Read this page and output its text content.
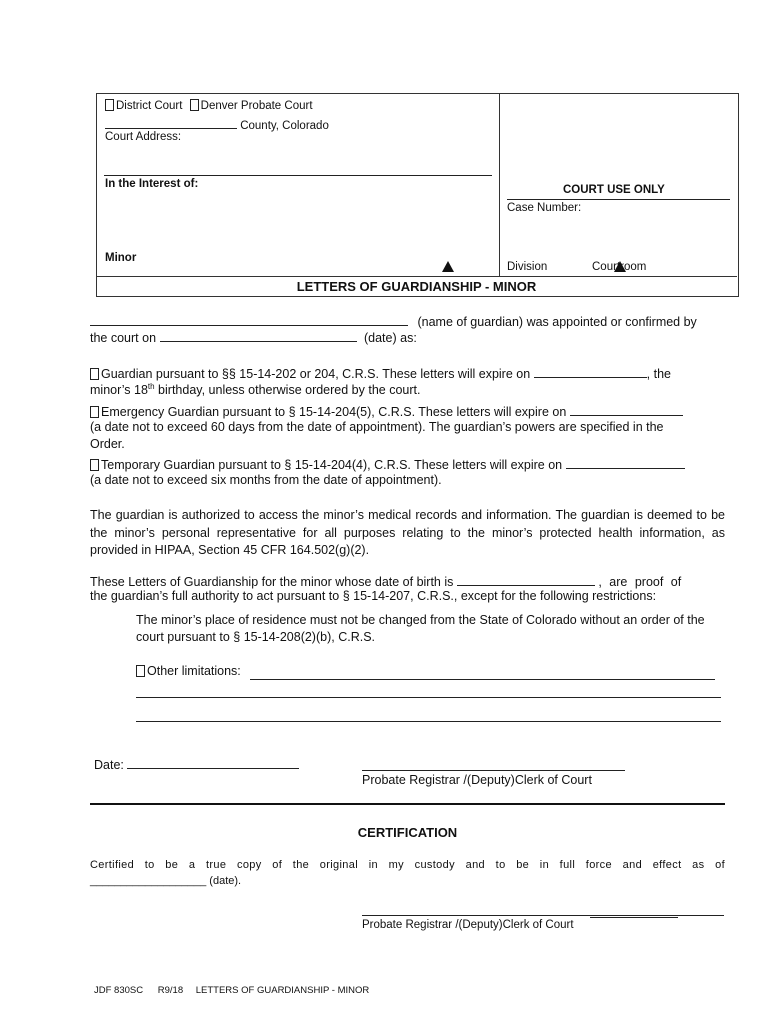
District Court Denver Probate Court
County, Colorado
Court Address:
In the Interest of:
Minor
COURT USE ONLY
Case Number:
Division	Courtroom
LETTERS OF GUARDIANSHIP - MINOR
(name of guardian) was appointed or confirmed by
the court on	(date) as:
Guardian pursuant to §§ 15-14-202 or 204, C.R.S. These letters will expire on	, the
minor’s 18th birthday, unless otherwise ordered by the court.
Emergency Guardian pursuant to § 15-14-204(5), C.R.S. These letters will expire on
(a date not to exceed 60 days from the date of appointment). The guardian’s powers are specified in the
Order.
Temporary Guardian pursuant to § 15-14-204(4), C.R.S. These letters will expire on
(a date not to exceed six months from the date of appointment).
The guardian is authorized to access the minor’s medical records and information. The guardian is deemed to be the minor’s personal representative for all purposes relating to the minor’s protected health information, as provided in HIPAA, Section 45 CFR 164.502(g)(2).
These Letters of Guardianship for the minor whose date of birth is	, are proof of
the guardian’s full authority to act pursuant to § 15-14-207, C.R.S., except for the following restrictions:
The minor’s place of residence must not be changed from the State of Colorado without an order of the court pursuant to § 15-14-208(2)(b), C.R.S.
Other limitations:
Date:
Probate Registrar /(Deputy)Clerk of Court
CERTIFICATION
Certified to be a true copy of the original in my custody and to be in full force and effect as of
___________________ (date).
Probate Registrar /(Deputy)Clerk of Court
JDF 830SC R9/18 LETTERS OF GUARDIANSHIP - MINOR
